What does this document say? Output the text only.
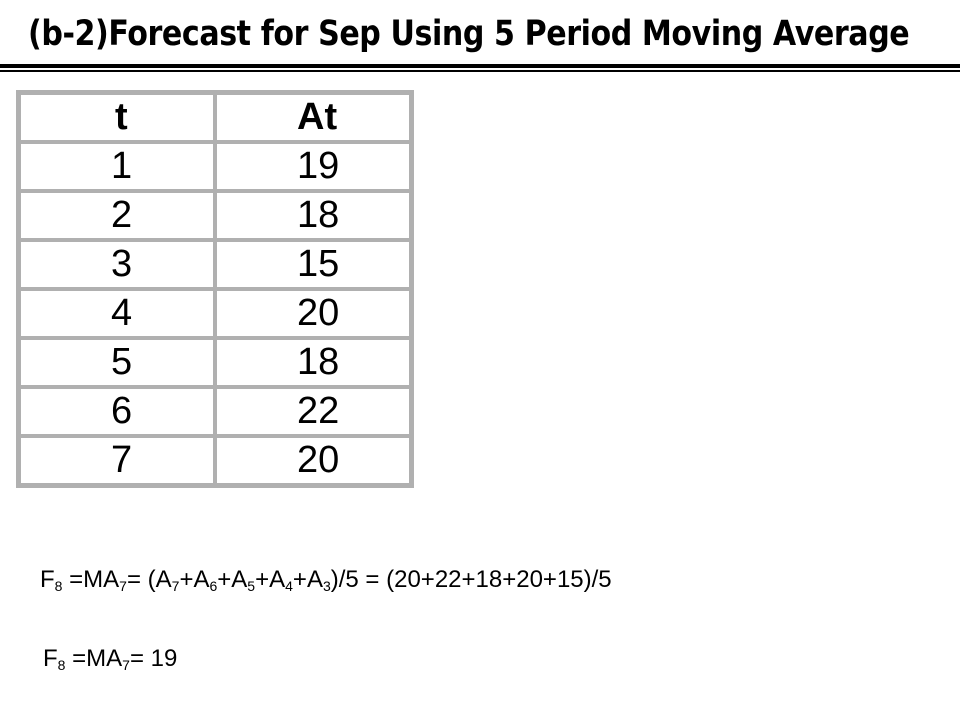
(b-2)Forecast for Sep Using 5 Period Moving Average
t	At
1	19
2	18
3	15
4	20
5	18
6	22
7	20
$F_8 =MA_7= (A_7+A_6+A_5+A_4+A_3)/5 = (20+22+18+20+15)/5$
$F_8 =MA_7= 19$
